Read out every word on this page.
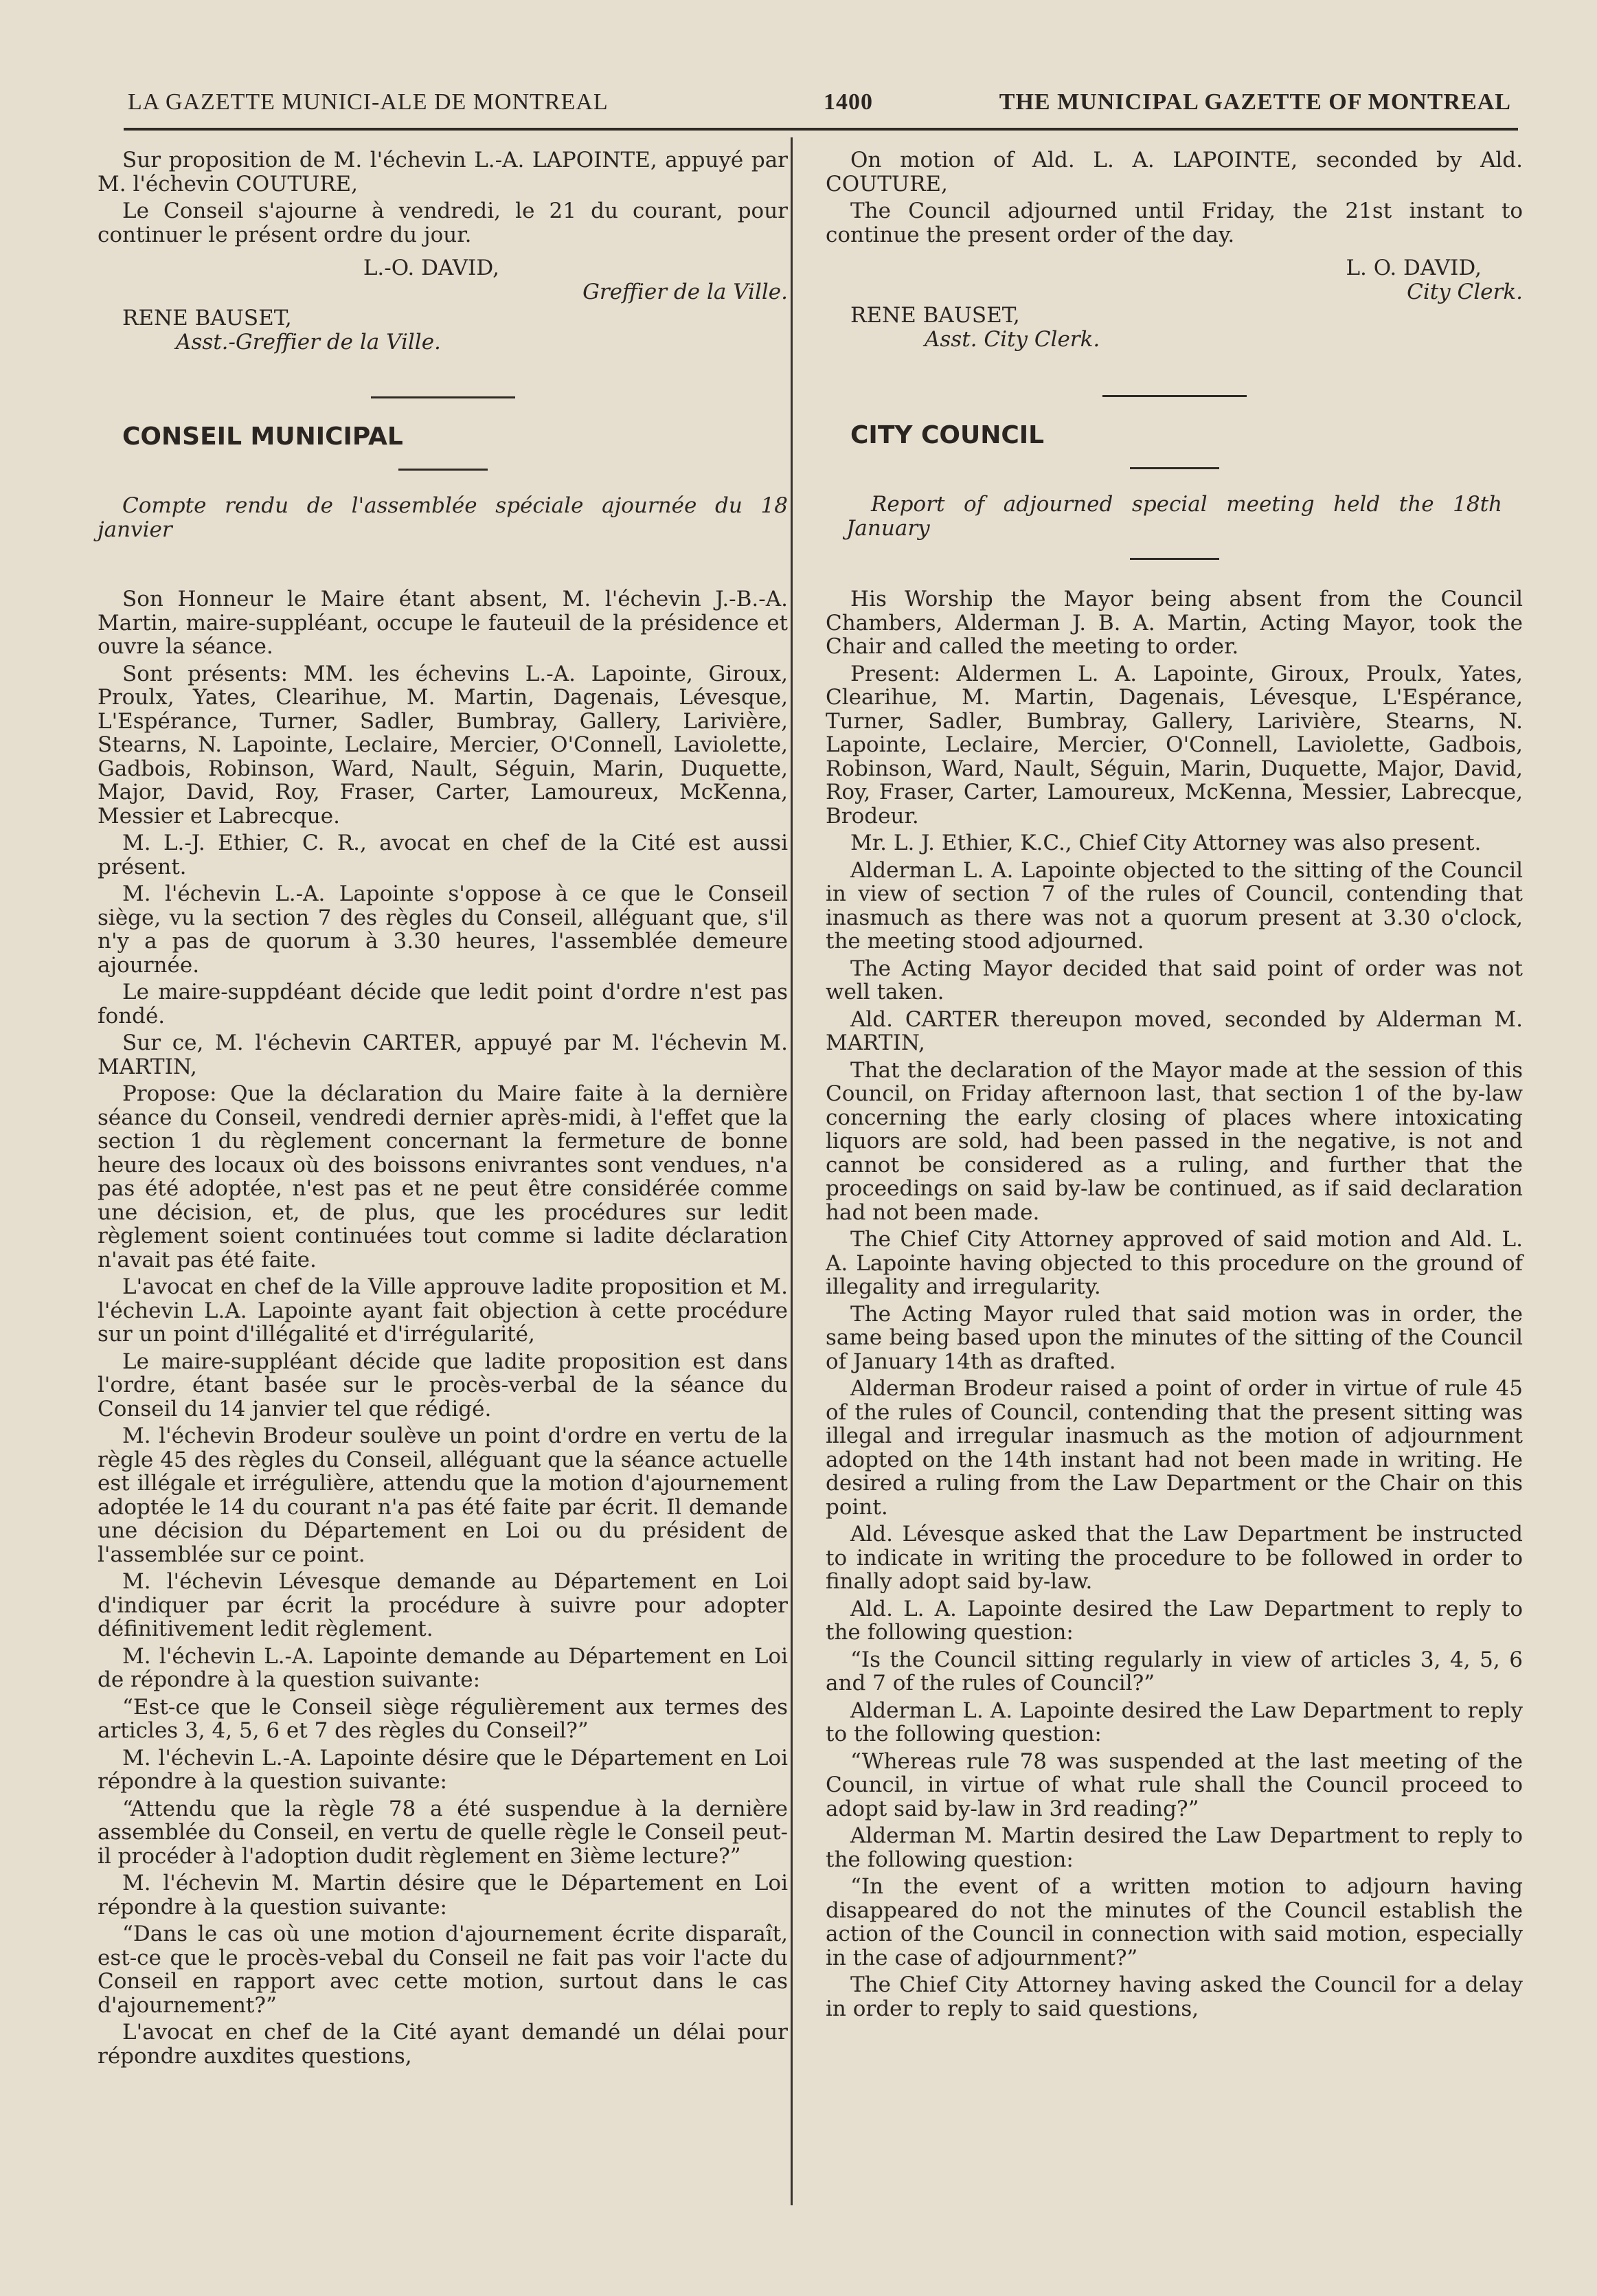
LA GAZETTE MUNICI-ALE DE MONTREAL	1400	THE MUNICIPAL GAZETTE OF MONTREAL

Sur proposition de M. l'échevin L.-A. LAPOINTE, appuyé par M. l'échevin COUTURE,

Le Conseil s'ajourne à vendredi, le 21 du courant, pour continuer le présent ordre du jour.

L.-O. DAVID,

Greffier de la Ville.

RENE BAUSET,

Asst.-Greffier de la Ville.

CONSEIL MUNICIPAL

Compte rendu de l'assemblée spéciale ajournée du 18 janvier

Son Honneur le Maire étant absent, M. l'échevin J.-B.-A. Martin, maire-suppléant, occupe le fauteuil de la présidence et ouvre la séance.

Sont présents: MM. les échevins L.-A. Lapointe, Giroux, Proulx, Yates, Clearihue, M. Martin, Dagenais, Lévesque, L'Espérance, Turner, Sadler, Bumbray, Gallery, Larivière, Stearns, N. Lapointe, Leclaire, Mercier, O'Connell, Laviolette, Gadbois, Robinson, Ward, Nault, Séguin, Marin, Duquette, Major, David, Roy, Fraser, Carter, Lamoureux, McKenna, Messier et Labrecque.

M. L.-J. Ethier, C. R., avocat en chef de la Cité est aussi présent.

M. l'échevin L.-A. Lapointe s'oppose à ce que le Conseil siège, vu la section 7 des règles du Conseil, alléguant que, s'il n'y a pas de quorum à 3.30 heures, l'assemblée demeure ajournée.

Le maire-suppdéant décide que ledit point d'ordre n'est pas fondé.

Sur ce, M. l'échevin CARTER, appuyé par M. l'échevin M. MARTIN,

Propose: Que la déclaration du Maire faite à la dernière séance du Conseil, vendredi dernier après-midi, à l'effet que la section 1 du règlement concernant la fermeture de bonne heure des locaux où des boissons enivrantes sont vendues, n'a pas été adoptée, n'est pas et ne peut être considérée comme une décision, et, de plus, que les procédures sur ledit règlement soient continuées tout comme si ladite déclaration n'avait pas été faite.

L'avocat en chef de la Ville approuve ladite proposition et M. l'échevin L.A. Lapointe ayant fait objection à cette procédure sur un point d'illégalité et d'irrégularité,

Le maire-suppléant décide que ladite proposition est dans l'ordre, étant basée sur le procès-verbal de la séance du Conseil du 14 janvier tel que rédigé.

M. l'échevin Brodeur soulève un point d'ordre en vertu de la règle 45 des règles du Conseil, alléguant que la séance actuelle est illégale et irrégulière, attendu que la motion d'ajournement adoptée le 14 du courant n'a pas été faite par écrit. Il demande une décision du Département en Loi ou du président de l'assemblée sur ce point.

M. l'échevin Lévesque demande au Département en Loi d'indiquer par écrit la procédure à suivre pour adopter définitivement ledit règlement.

M. l'échevin L.-A. Lapointe demande au Département en Loi de répondre à la question suivante:

“Est-ce que le Conseil siège régulièrement aux termes des articles 3, 4, 5, 6 et 7 des règles du Conseil?”

M. l'échevin L.-A. Lapointe désire que le Département en Loi répondre à la question suivante:

“Attendu que la règle 78 a été suspendue à la dernière assemblée du Conseil, en vertu de quelle règle le Conseil peut-il procéder à l'adoption dudit règlement en 3ième lecture?”

M. l'échevin M. Martin désire que le Département en Loi répondre à la question suivante:

“Dans le cas où une motion d'ajournement écrite disparaît, est-ce que le procès-vebal du Conseil ne fait pas voir l'acte du Conseil en rapport avec cette motion, surtout dans le cas d'ajournement?”

L'avocat en chef de la Cité ayant demandé un délai pour répondre auxdites questions,

On motion of Ald. L. A. LAPOINTE, seconded by Ald. COUTURE,

The Council adjourned until Friday, the 21st instant to continue the present order of the day.

L. O. DAVID,

City Clerk.

RENE BAUSET,

Asst. City Clerk.

CITY COUNCIL

Report of adjourned special meeting held the 18th January

His Worship the Mayor being absent from the Council Chambers, Alderman J. B. A. Martin, Acting Mayor, took the Chair and called the meeting to order.

Present: Aldermen L. A. Lapointe, Giroux, Proulx, Yates, Clearihue, M. Martin, Dagenais, Lévesque, L'Espérance, Turner, Sadler, Bumbray, Gallery, Larivière, Stearns, N. Lapointe, Leclaire, Mercier, O'Connell, Laviolette, Gadbois, Robinson, Ward, Nault, Séguin, Marin, Duquette, Major, David, Roy, Fraser, Carter, Lamoureux, McKenna, Messier, Labrecque, Brodeur.

Mr. L. J. Ethier, K.C., Chief City Attorney was also present.

Alderman L. A. Lapointe objected to the sitting of the Council in view of section 7 of the rules of Council, contending that inasmuch as there was not a quorum present at 3.30 o'clock, the meeting stood adjourned.

The Acting Mayor decided that said point of order was not well taken.

Ald. CARTER thereupon moved, seconded by Alderman M. MARTIN,

That the declaration of the Mayor made at the session of this Council, on Friday afternoon last, that section 1 of the by-law concerning the early closing of places where intoxicating liquors are sold, had been passed in the negative, is not and cannot be considered as a ruling, and further that the proceedings on said by-law be continued, as if said declaration had not been made.

The Chief City Attorney approved of said motion and Ald. L. A. Lapointe having objected to this procedure on the ground of illegality and irregularity.

The Acting Mayor ruled that said motion was in order, the same being based upon the minutes of the sitting of the Council of January 14th as drafted.

Alderman Brodeur raised a point of order in virtue of rule 45 of the rules of Council, contending that the present sitting was illegal and irregular inasmuch as the motion of adjournment adopted on the 14th instant had not been made in writing. He desired a ruling from the Law Department or the Chair on this point.

Ald. Lévesque asked that the Law Department be instructed to indicate in writing the procedure to be followed in order to finally adopt said by-law.

Ald. L. A. Lapointe desired the Law Department to reply to the following question:

“Is the Council sitting regularly in view of articles 3, 4, 5, 6 and 7 of the rules of Council?”

Alderman L. A. Lapointe desired the Law Department to reply to the following question:

“Whereas rule 78 was suspended at the last meeting of the Council, in virtue of what rule shall the Council proceed to adopt said by-law in 3rd reading?”

Alderman M. Martin desired the Law Department to reply to the following question:

“In the event of a written motion to adjourn having disappeared do not the minutes of the Council establish the action of the Council in connection with said motion, especially in the case of adjournment?”

The Chief City Attorney having asked the Council for a delay in order to reply to said questions,
